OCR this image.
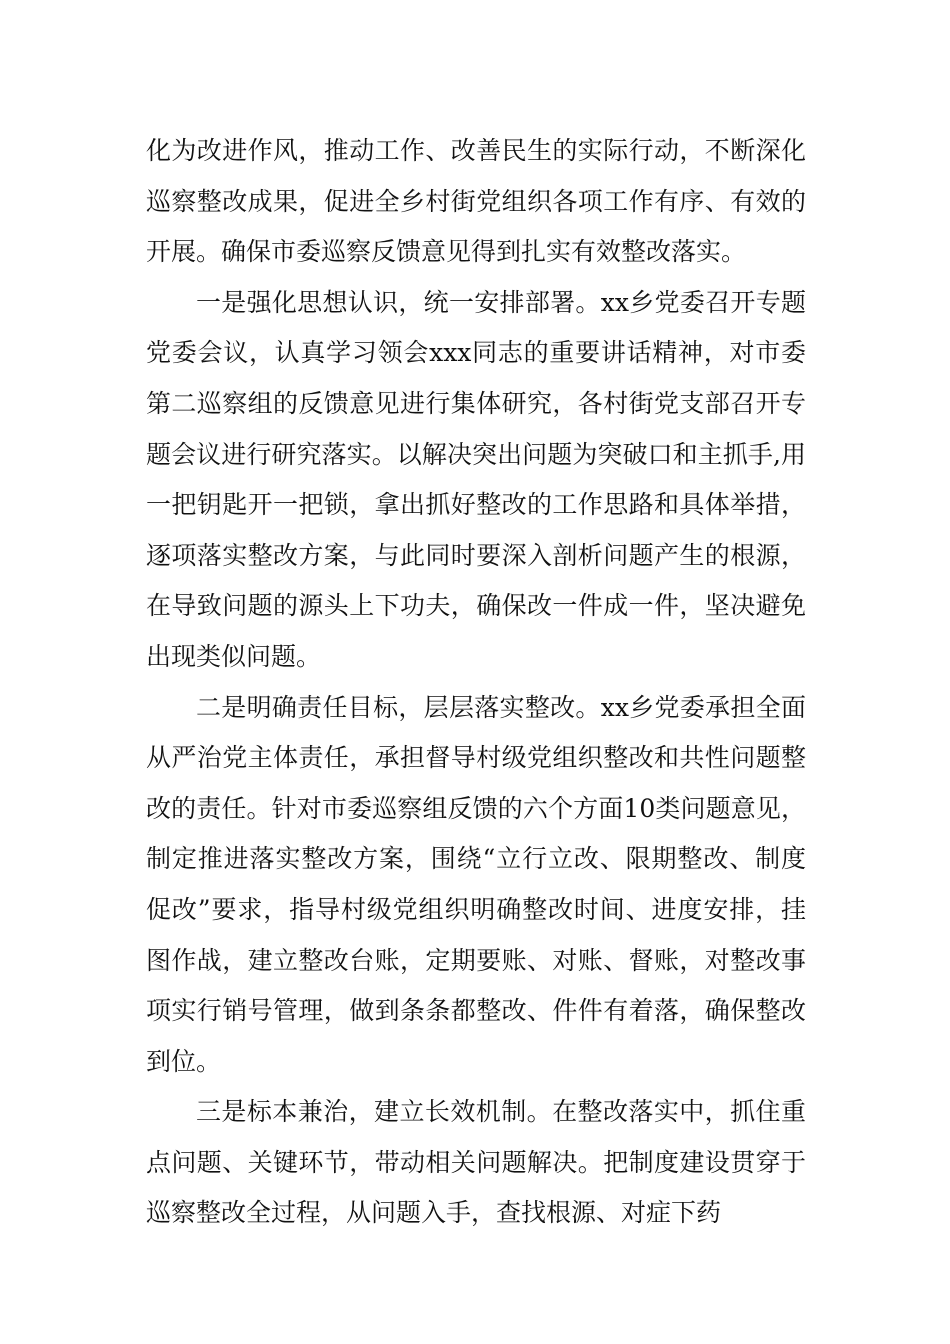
化为改进作风，推动工作、改善民生的实际行动，不断深化巡察整改成果，促进全乡村街党组织各项工作有序、有效的开展。确保市委巡察反馈意见得到扎实有效整改落实。

一是强化思想认识，统一安排部署。xx乡党委召开专题党委会议，认真学习领会xxx同志的重要讲话精神，对市委第二巡察组的反馈意见进行集体研究，各村街党支部召开专题会议进行研究落实。以解决突出问题为突破口和主抓手,用一把钥匙开一把锁，拿出抓好整改的工作思路和具体举措，逐项落实整改方案，与此同时要深入剖析问题产生的根源，在导致问题的源头上下功夫，确保改一件成一件，坚决避免出现类似问题。

二是明确责任目标，层层落实整改。xx乡党委承担全面从严治党主体责任，承担督导村级党组织整改和共性问题整改的责任。针对市委巡察组反馈的六个方面10类问题意见，制定推进落实整改方案，围绕“立行立改、限期整改、制度促改”要求，指导村级党组织明确整改时间、进度安排，挂图作战，建立整改台账，定期要账、对账、督账，对整改事项实行销号管理，做到条条都整改、件件有着落，确保整改到位。

三是标本兼治，建立长效机制。在整改落实中，抓住重点问题、关键环节，带动相关问题解决。把制度建设贯穿于巡察整改全过程，从问题入手，查找根源、对症下药
